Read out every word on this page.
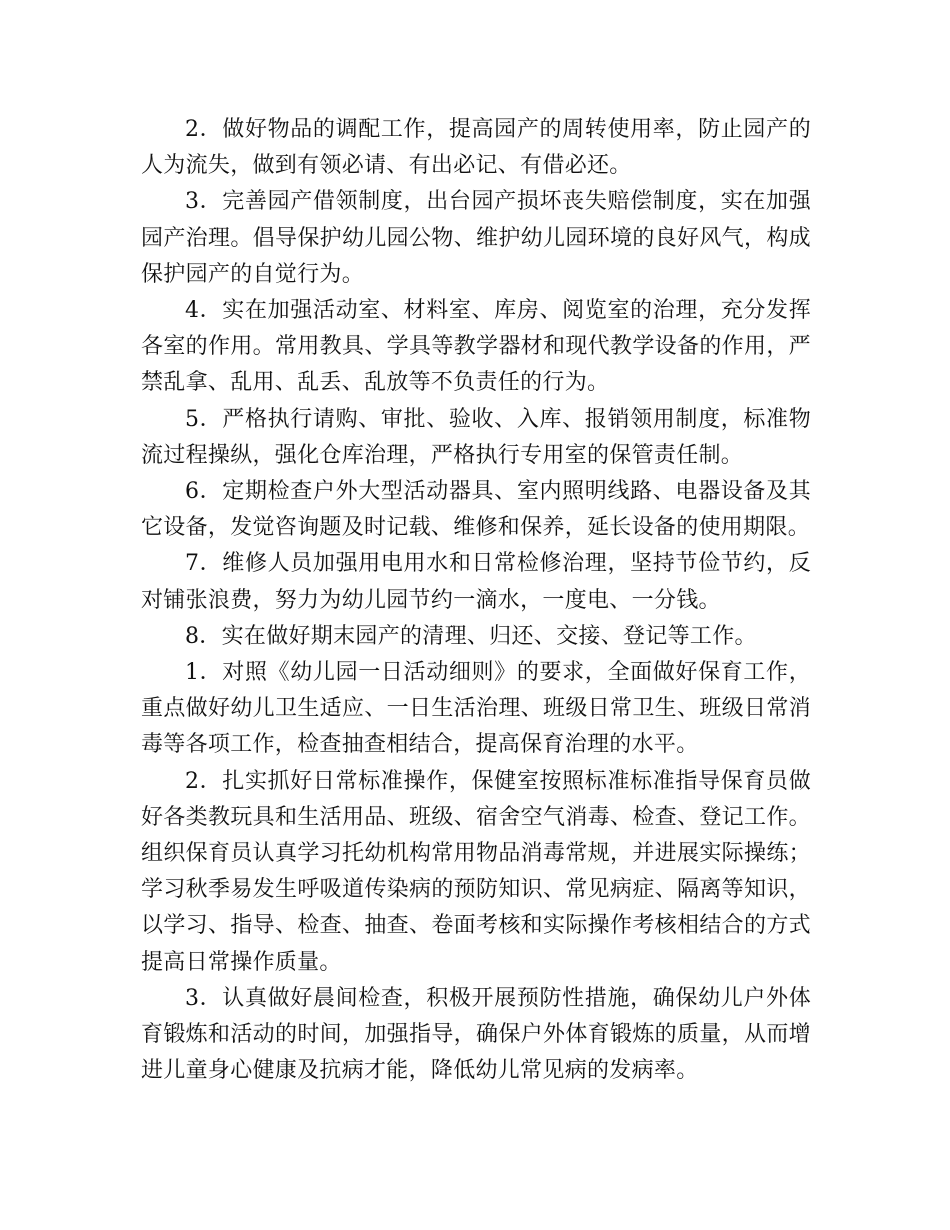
2．做好物品的调配工作，提高园产的周转使用率，防止园产的人为流失，做到有领必请、有出必记、有借必还。

3．完善园产借领制度，出台园产损坏丧失赔偿制度，实在加强园产治理。倡导保护幼儿园公物、维护幼儿园环境的良好风气，构成保护园产的自觉行为。

4．实在加强活动室、材料室、库房、阅览室的治理，充分发挥各室的作用。常用教具、学具等教学器材和现代教学设备的作用，严禁乱拿、乱用、乱丢、乱放等不负责任的行为。

5．严格执行请购、审批、验收、入库、报销领用制度，标准物流过程操纵，强化仓库治理，严格执行专用室的保管责任制。

6．定期检查户外大型活动器具、室内照明线路、电器设备及其它设备，发觉咨询题及时记载、维修和保养，延长设备的使用期限。

7．维修人员加强用电用水和日常检修治理，坚持节俭节约，反对铺张浪费，努力为幼儿园节约一滴水，一度电、一分钱。

8．实在做好期末园产的清理、归还、交接、登记等工作。

1．对照《幼儿园一日活动细则》的要求，全面做好保育工作，重点做好幼儿卫生适应、一日生活治理、班级日常卫生、班级日常消毒等各项工作，检查抽查相结合，提高保育治理的水平。

2．扎实抓好日常标准操作，保健室按照标准标准指导保育员做好各类教玩具和生活用品、班级、宿舍空气消毒、检查、登记工作。组织保育员认真学习托幼机构常用物品消毒常规，并进展实际操练；学习秋季易发生呼吸道传染病的预防知识、常见病症、隔离等知识，以学习、指导、检查、抽查、卷面考核和实际操作考核相结合的方式提高日常操作质量。

3．认真做好晨间检查，积极开展预防性措施，确保幼儿户外体育锻炼和活动的时间，加强指导，确保户外体育锻炼的质量，从而增进儿童身心健康及抗病才能，降低幼儿常见病的发病率。
